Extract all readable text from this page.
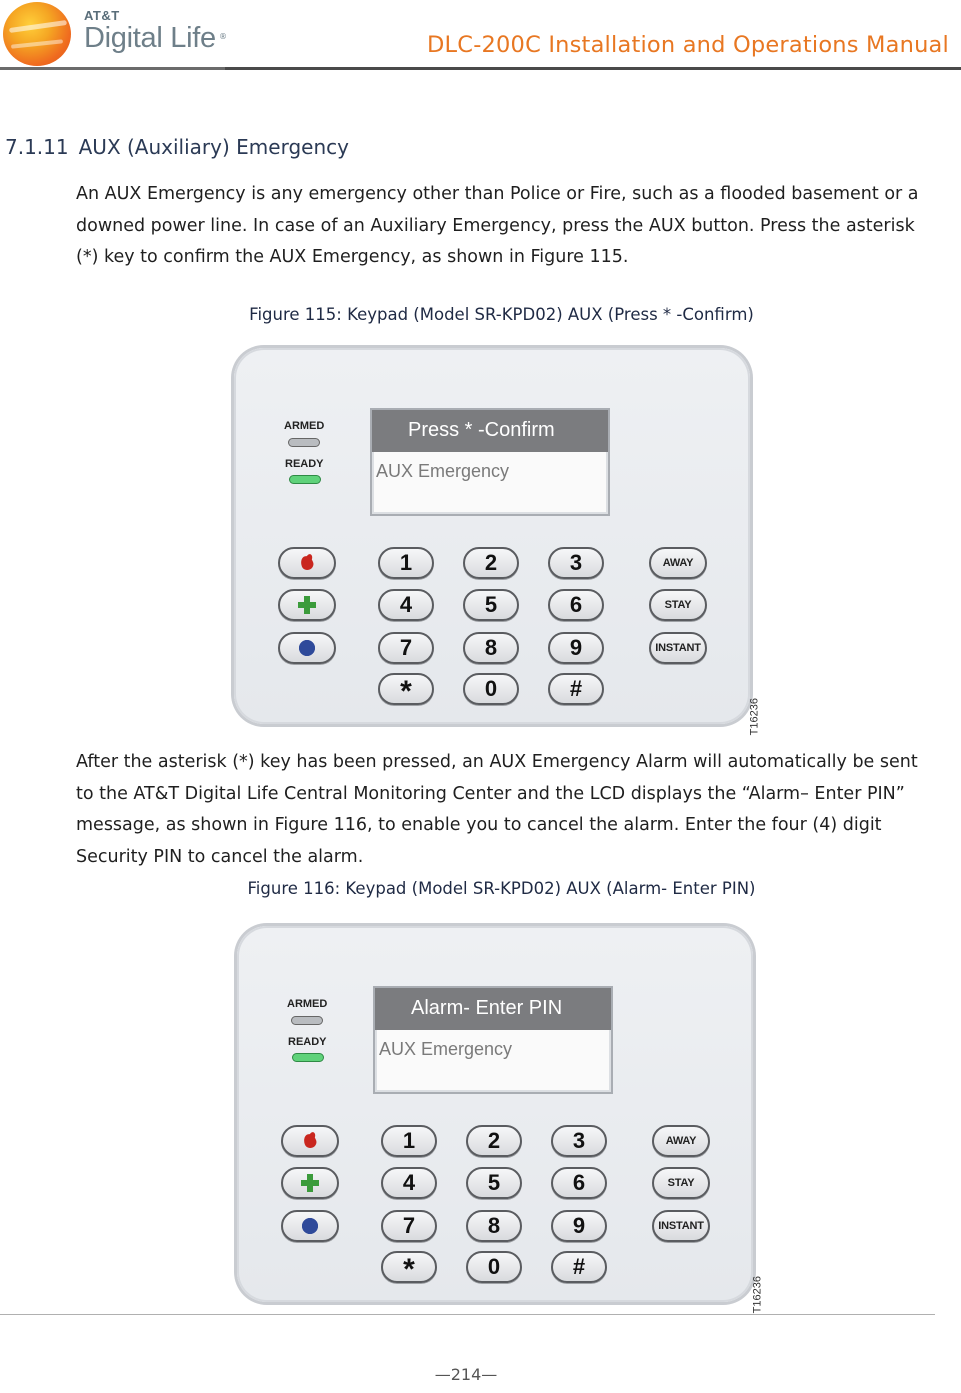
AT&T
Digital Life ®	DLC-200C Installation and Operations Manual
7.1.11 AUX (Auxiliary) Emergency
An AUX Emergency is any emergency other than Police or Fire, such as a flooded basement or a downed power line. In case of an Auxiliary Emergency, press the AUX button. Press the asterisk (*) key to confirm the AUX Emergency, as shown in Figure 115.
Figure 115: Keypad (Model SR-KPD02) AUX (Press * -Confirm)
ARMED
READY
Press * -Confirm
AUX Emergency
1	2	3
4	5	6
7	8	9
*	0	#
AWAY
STAY
INSTANT
T16236
After the asterisk (*) key has been pressed, an AUX Emergency Alarm will automatically be sent to the AT&T Digital Life Central Monitoring Center and the LCD displays the “Alarm– Enter PIN” message, as shown in Figure 116, to enable you to cancel the alarm. Enter the four (4) digit Security PIN to cancel the alarm.
Figure 116: Keypad (Model SR-KPD02) AUX (Alarm- Enter PIN)
ARMED
READY
Alarm- Enter PIN
AUX Emergency
1	2	3
4	5	6
7	8	9
*	0	#
AWAY
STAY
INSTANT
T16236
—214—
